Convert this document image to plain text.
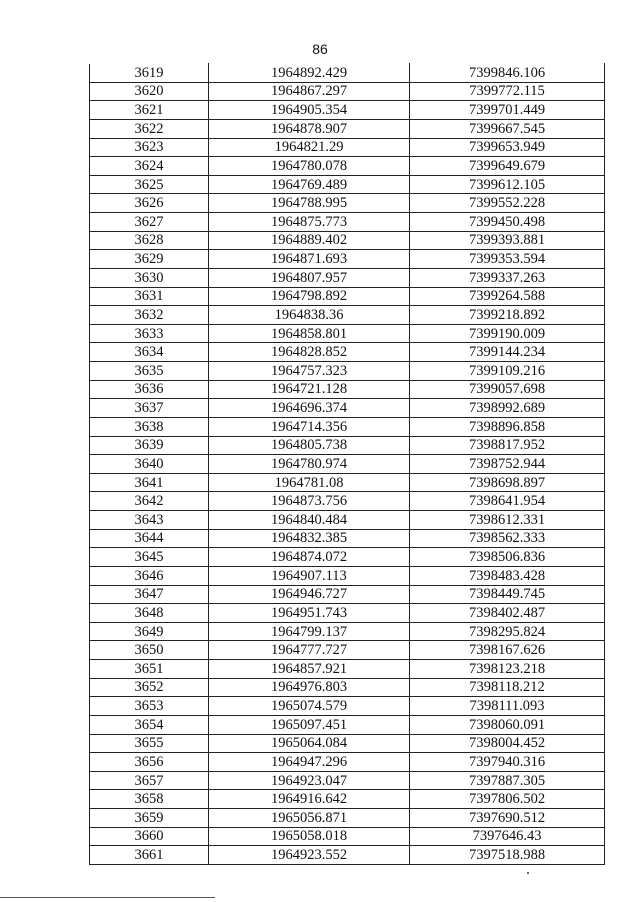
86
3619	1964892.429	7399846.106
3620	1964867.297	7399772.115
3621	1964905.354	7399701.449
3622	1964878.907	7399667.545
3623	1964821.29	7399653.949
3624	1964780.078	7399649.679
3625	1964769.489	7399612.105
3626	1964788.995	7399552.228
3627	1964875.773	7399450.498
3628	1964889.402	7399393.881
3629	1964871.693	7399353.594
3630	1964807.957	7399337.263
3631	1964798.892	7399264.588
3632	1964838.36	7399218.892
3633	1964858.801	7399190.009
3634	1964828.852	7399144.234
3635	1964757.323	7399109.216
3636	1964721.128	7399057.698
3637	1964696.374	7398992.689
3638	1964714.356	7398896.858
3639	1964805.738	7398817.952
3640	1964780.974	7398752.944
3641	1964781.08	7398698.897
3642	1964873.756	7398641.954
3643	1964840.484	7398612.331
3644	1964832.385	7398562.333
3645	1964874.072	7398506.836
3646	1964907.113	7398483.428
3647	1964946.727	7398449.745
3648	1964951.743	7398402.487
3649	1964799.137	7398295.824
3650	1964777.727	7398167.626
3651	1964857.921	7398123.218
3652	1964976.803	7398118.212
3653	1965074.579	7398111.093
3654	1965097.451	7398060.091
3655	1965064.084	7398004.452
3656	1964947.296	7397940.316
3657	1964923.047	7397887.305
3658	1964916.642	7397806.502
3659	1965056.871	7397690.512
3660	1965058.018	7397646.43
3661	1964923.552	7397518.988
